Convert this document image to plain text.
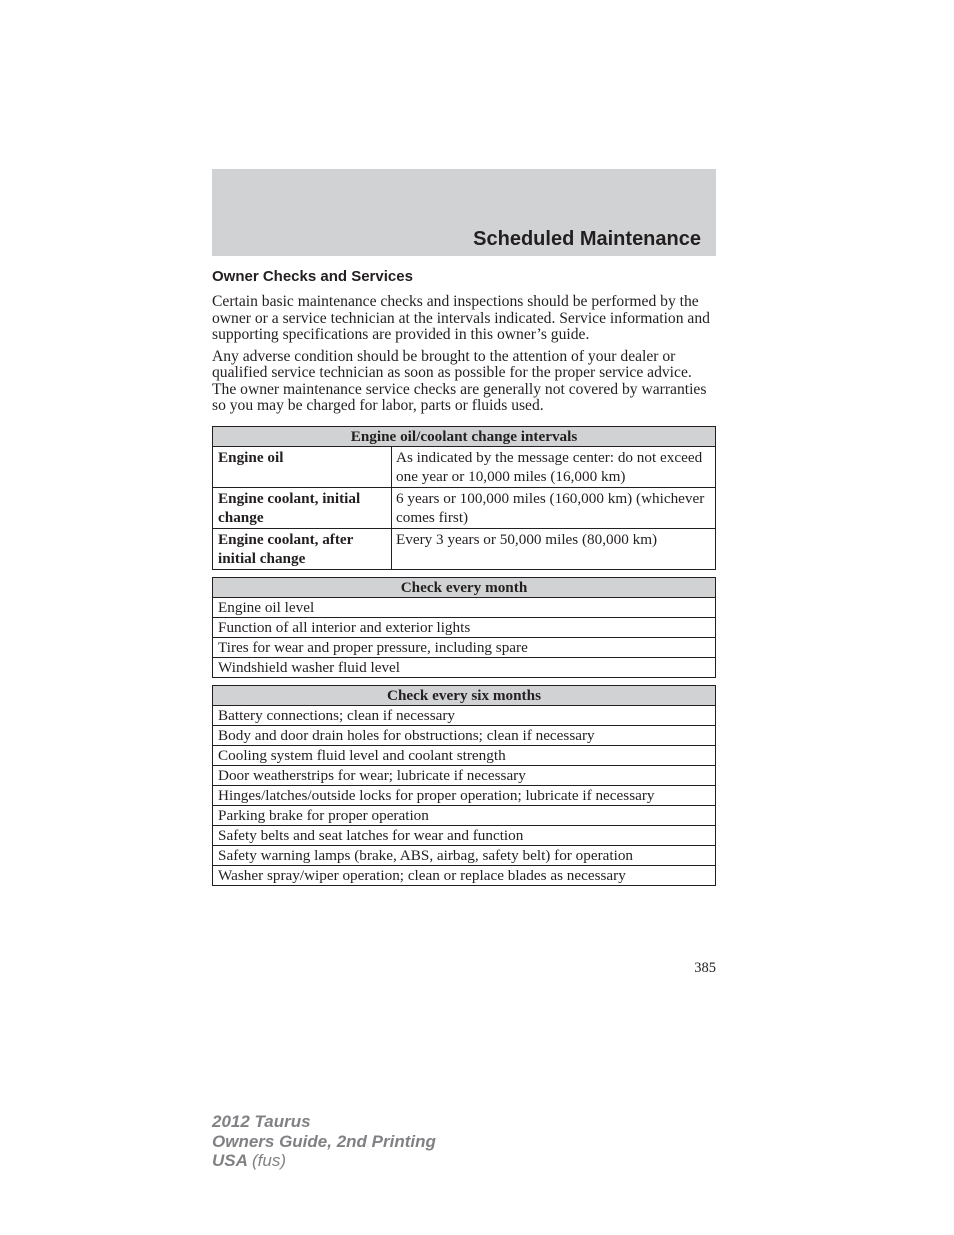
Scheduled Maintenance
Owner Checks and Services

Certain basic maintenance checks and inspections should be performed by the owner or a service technician at the intervals indicated. Service information and supporting specifications are provided in this owner’s guide.

Any adverse condition should be brought to the attention of your dealer or qualified service technician as soon as possible for the proper service advice. The owner maintenance service checks are generally not covered by warranties so you may be charged for labor, parts or fluids used.

Engine oil/coolant change intervals	
Engine oil	As indicated by the message center: do not exceed one year or 10,000 miles (16,000 km)
Engine coolant, initial change	6 years or 100,000 miles (160,000 km) (whichever comes first)
Engine coolant, after initial change	Every 3 years or 50,000 miles (80,000 km)
Check every month
Engine oil level
Function of all interior and exterior lights
Tires for wear and proper pressure, including spare
Windshield washer fluid level
Check every six months
Battery connections; clean if necessary
Body and door drain holes for obstructions; clean if necessary
Cooling system fluid level and coolant strength
Door weatherstrips for wear; lubricate if necessary
Hinges/latches/outside locks for proper operation; lubricate if necessary
Parking brake for proper operation
Safety belts and seat latches for wear and function
Safety warning lamps (brake, ABS, airbag, safety belt) for operation
Washer spray/wiper operation; clean or replace blades as necessary
385
2012 Taurus
Owners Guide, 2nd Printing
USA (fus)
